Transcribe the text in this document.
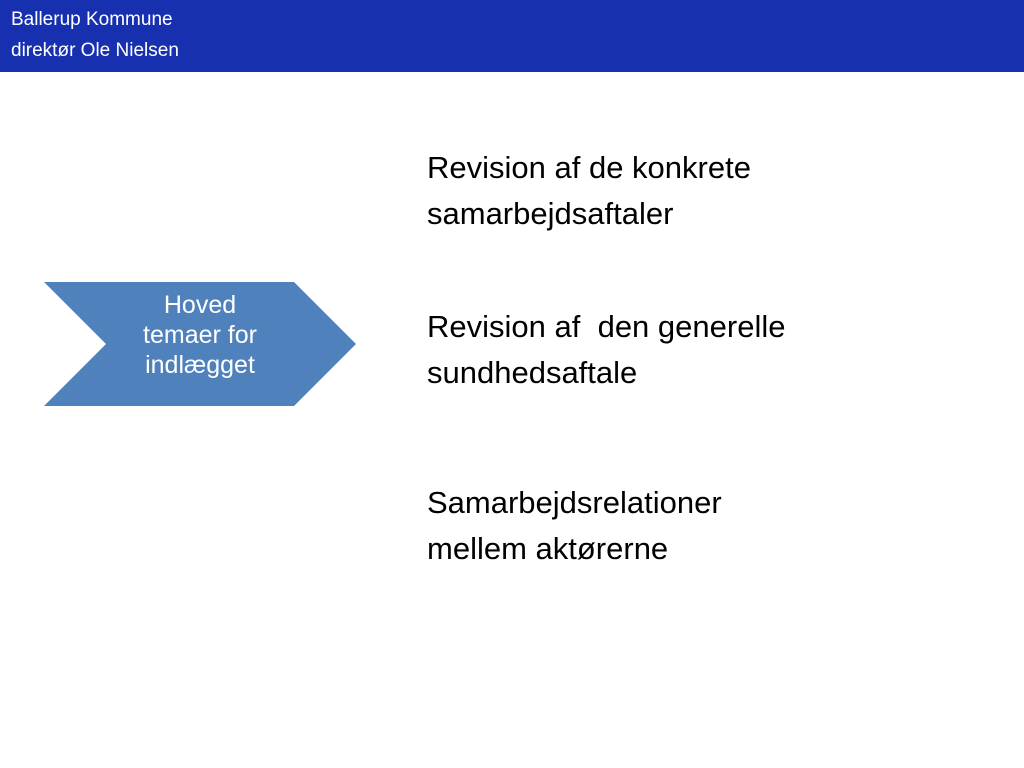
Ballerup Kommune
direktør Ole Nielsen
Hoved
temaer for
indlægget
Revision af de konkrete
samarbejdsaftaler
Revision af  den generelle
sundhedsaftale
Samarbejdsrelationer
mellem aktørerne
